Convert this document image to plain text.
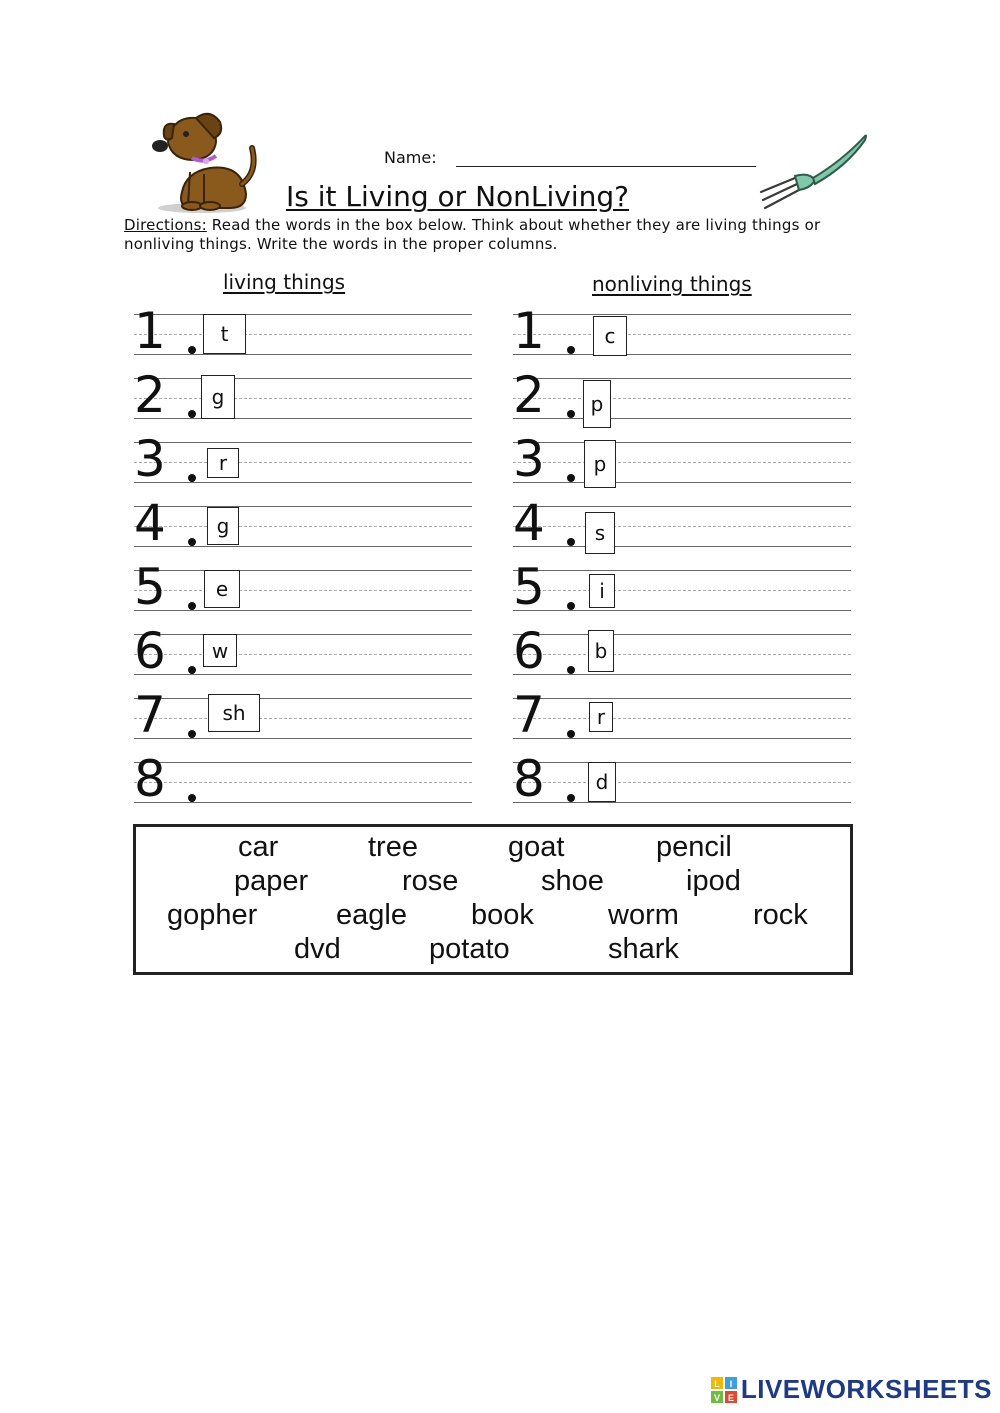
Name:
Is it Living or NonLiving?
Directions: Read the words in the box below. Think about whether they are living things or nonliving things. Write the words in the proper columns.
living things	nonliving things
1	t
2	g
3	r
4	g
5	e
6	w
7	sh
8
1	c
2	p
3	p
4	s
5	i
6	b
7	r
8	d
car	tree	goat	pencil
paper	rose	shoe	ipod
gopher	eagle book	worm	rock
dvd	potato	shark
L I
V E LIVEWORKSHEETS
